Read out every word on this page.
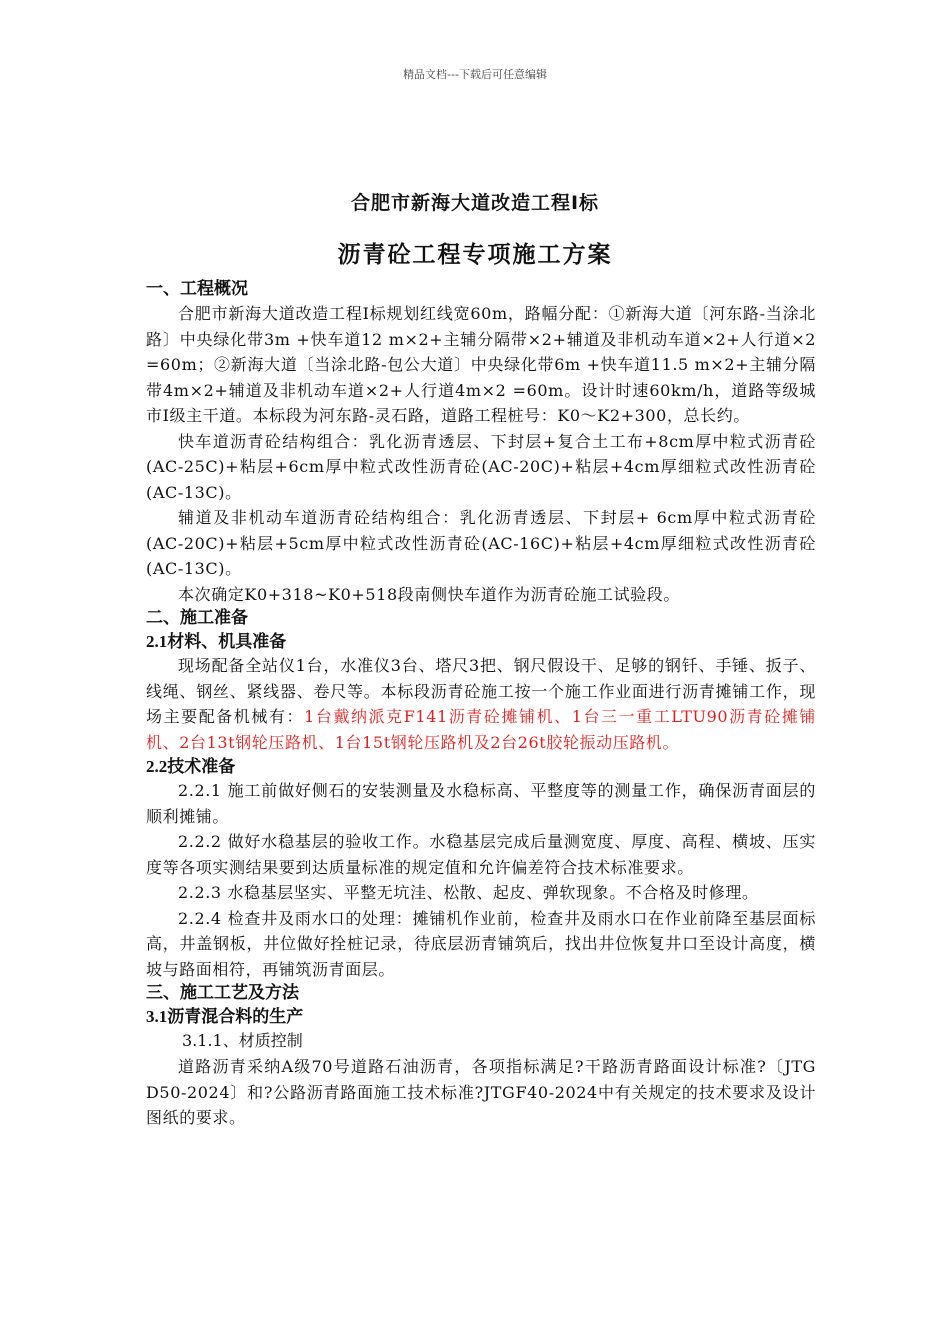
精品文档---下载后可任意编辑
合肥市新海大道改造工程Ⅰ标
沥青砼工程专项施工方案
一、工程概况
合肥市新海大道改造工程Ⅰ标规划红线宽60m，路幅分配：①新海大道〔河东路-当涂北路〕中央绿化带3m +快车道12 m×2+主辅分隔带×2+辅道及非机动车道×2+人行道×2 =60m；②新海大道〔当涂北路-包公大道〕中央绿化带6m +快车道11.5 m×2+主辅分隔带4m×2+辅道及非机动车道×2+人行道4m×2 =60m。设计时速60km/h，道路等级城市Ⅰ级主干道。本标段为河东路-灵石路，道路工程桩号：K0～K2+300，总长约。
快车道沥青砼结构组合：乳化沥青透层、下封层+复合土工布+8cm厚中粒式沥青砼(AC-25C)+粘层+6cm厚中粒式改性沥青砼(AC-20C)+粘层+4cm厚细粒式改性沥青砼(AC-13C)。
辅道及非机动车道沥青砼结构组合：乳化沥青透层、下封层+ 6cm厚中粒式沥青砼(AC-20C)+粘层+5cm厚中粒式改性沥青砼(AC-16C)+粘层+4cm厚细粒式改性沥青砼(AC-13C)。
本次确定K0+318~K0+518段南侧快车道作为沥青砼施工试验段。
二、施工准备
2.1材料、机具准备
现场配备全站仪1台，水准仪3台、塔尺3把、钢尺假设干、足够的钢钎、手锤、扳子、线绳、钢丝、紧线器、卷尺等。本标段沥青砼施工按一个施工作业面进行沥青摊铺工作，现场主要配备机械有：1台戴纳派克F141沥青砼摊铺机、1台三一重工LTU90沥青砼摊铺机、2台13t钢轮压路机、1台15t钢轮压路机及2台26t胶轮振动压路机。
2.2技术准备
2.2.1 施工前做好侧石的安装测量及水稳标高、平整度等的测量工作，确保沥青面层的顺利摊铺。
2.2.2 做好水稳基层的验收工作。水稳基层完成后量测宽度、厚度、高程、横坡、压实度等各项实测结果要到达质量标准的规定值和允许偏差符合技术标准要求。
2.2.3 水稳基层坚实、平整无坑洼、松散、起皮、弹软现象。不合格及时修理。
2.2.4 检查井及雨水口的处理：摊铺机作业前，检查井及雨水口在作业前降至基层面标高，井盖钢板，井位做好拴桩记录，待底层沥青铺筑后，找出井位恢复井口至设计高度，横坡与路面相符，再铺筑沥青面层。
三、施工工艺及方法
3.1沥青混合料的生产
3.1.1、材质控制
道路沥青采纳A级70号道路石油沥青，各项指标满足?干路沥青路面设计标准?〔JTG D50-2024〕和?公路沥青路面施工技术标准?JTGF40-2024中有关规定的技术要求及设计图纸的要求。
